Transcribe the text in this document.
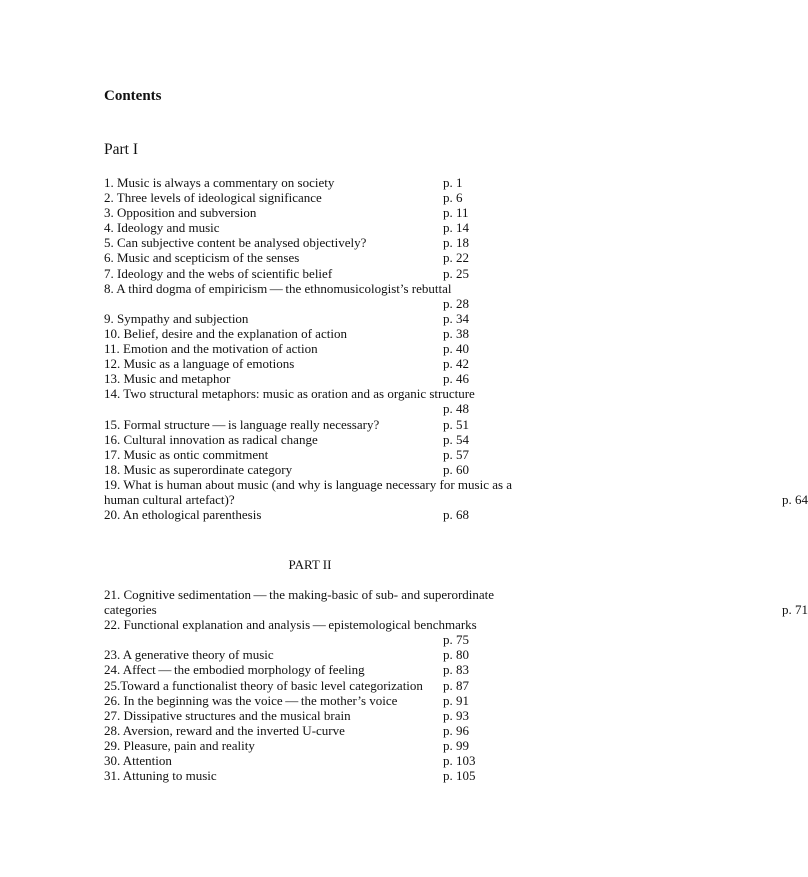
Contents
Part I
1. Music is always a commentary on society	p. 1
2. Three levels of ideological significance	p. 6
3. Opposition and subversion	p. 11
4. Ideology and music	p. 14
5. Can subjective content be analysed objectively?	p. 18
6. Music and scepticism of the senses	p. 22
7. Ideology and the webs of scientific belief	p. 25
8. A third dogma of empiricism — the ethnomusicologist’s rebuttal
p. 28
9. Sympathy and subjection	p. 34
10. Belief, desire and the explanation of action	p. 38
11. Emotion and the motivation of action	p. 40
12. Music as a language of emotions	p. 42
13. Music and metaphor	p. 46
14. Two structural metaphors: music as oration and as organic structure
p. 48
15. Formal structure — is language really necessary?	p. 51
16. Cultural innovation as radical change	p. 54
17. Music as ontic commitment	p. 57
18. Music as superordinate category	p. 60
19. What is human about music (and why is language necessary for music as a human cultural artefact)?	p. 64
20. An ethological parenthesis	p. 68
PART II
21. Cognitive sedimentation — the making-basic of sub- and superordinate categories	p. 71
22. Functional explanation and analysis — epistemological benchmarks
p. 75
23. A generative theory of music	p. 80
24. Affect — the embodied morphology of feeling	p. 83
25.Toward a functionalist theory of basic level categorization p. 87
26. In the beginning was the voice — the mother’s voice	p. 91
27. Dissipative structures and the musical brain	p. 93
28. Aversion, reward and the inverted U-curve	p. 96
29. Pleasure, pain and reality	p. 99
30. Attention	p. 103
31. Attuning to music	p. 105
